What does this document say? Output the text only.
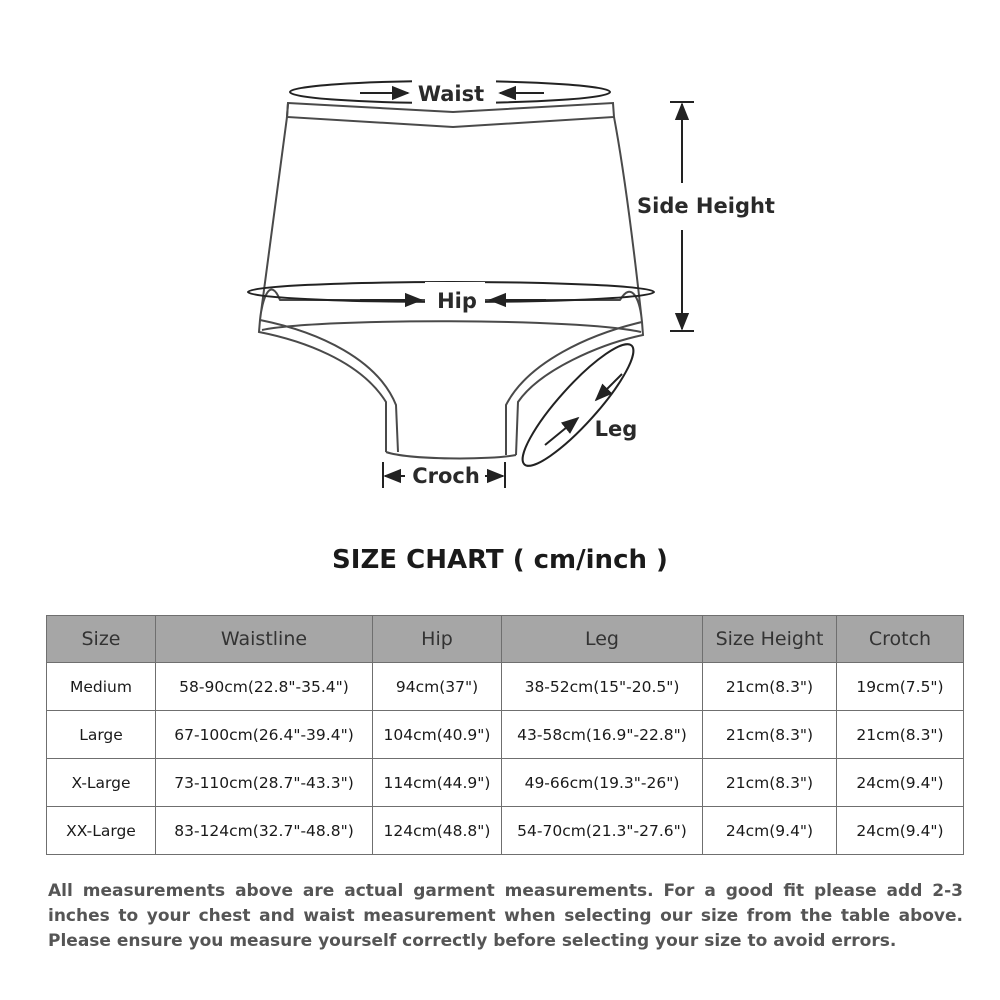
Waist
Side Height
Hip
Leg
Croch
SIZE CHART ( cm/inch )
Size	Waistline	Hip	Leg	Size Height	Crotch
Medium	58-90cm(22.8"-35.4")	94cm(37")	38-52cm(15"-20.5")	21cm(8.3")	19cm(7.5")
Large	67-100cm(26.4"-39.4")	104cm(40.9")	43-58cm(16.9"-22.8")	21cm(8.3")	21cm(8.3")
X-Large	73-110cm(28.7"-43.3")	114cm(44.9")	49-66cm(19.3"-26")	21cm(8.3")	24cm(9.4")
XX-Large	83-124cm(32.7"-48.8")	124cm(48.8")	54-70cm(21.3"-27.6")	24cm(9.4")	24cm(9.4")
All measurements above are actual garment measurements. For a good fit please add 2-3 inches to your chest and waist measurement when selecting our size from the table above. Please ensure you measure yourself correctly before selecting your size to avoid errors.
